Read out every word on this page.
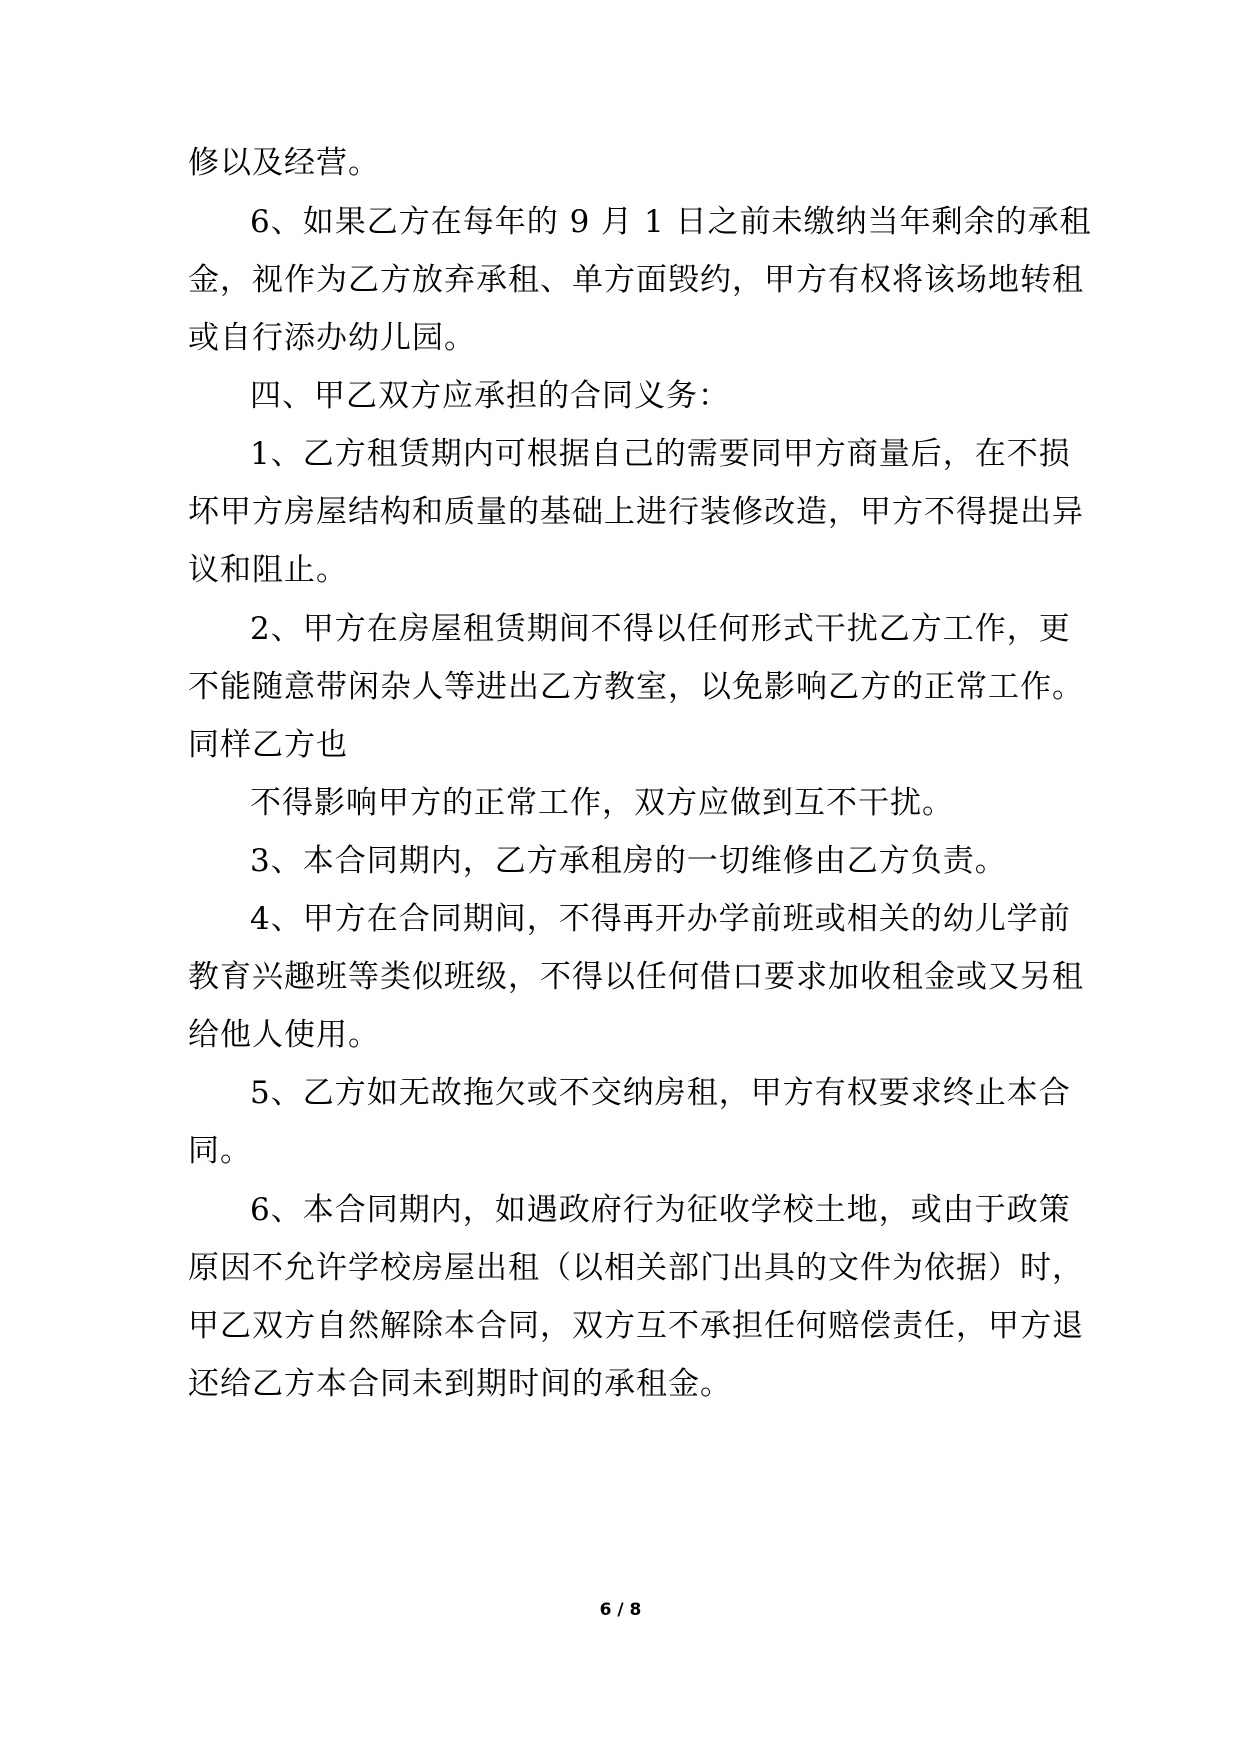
修以及经营。
6、如果乙方在每年的 9 月 1 日之前未缴纳当年剩余的承租
金，视作为乙方放弃承租、单方面毁约，甲方有权将该场地转租
或自行添办幼儿园。
四、甲乙双方应承担的合同义务：
1、乙方租赁期内可根据自己的需要同甲方商量后，在不损
坏甲方房屋结构和质量的基础上进行装修改造，甲方不得提出异
议和阻止。
2、甲方在房屋租赁期间不得以任何形式干扰乙方工作，更
不能随意带闲杂人等进出乙方教室，以免影响乙方的正常工作。
同样乙方也
不得影响甲方的正常工作，双方应做到互不干扰。
3、本合同期内，乙方承租房的一切维修由乙方负责。
4、甲方在合同期间，不得再开办学前班或相关的幼儿学前
教育兴趣班等类似班级，不得以任何借口要求加收租金或又另租
给他人使用。
5、乙方如无故拖欠或不交纳房租，甲方有权要求终止本合
同。
6、本合同期内，如遇政府行为征收学校土地，或由于政策
原因不允许学校房屋出租（以相关部门出具的文件为依据）时，
甲乙双方自然解除本合同，双方互不承担任何赔偿责任，甲方退
还给乙方本合同未到期时间的承租金。
6 / 8
